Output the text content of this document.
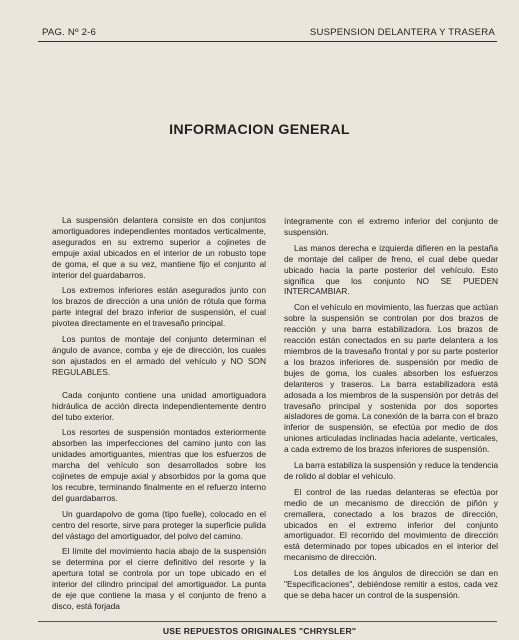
PAG. Nº 2-6	SUSPENSION DELANTERA Y TRASERA
INFORMACION GENERAL

La suspensión delantera consiste en dos conjuntos amortiguadores independientes montados verticalmente, asegurados en su extremo superior a cojinetes de empuje axial ubicados en el interior de un robusto tope de goma, el que a su vez, mantiene fijo el conjunto al interior del guardabarros.

Los extremos inferiores están asegurados junto con los brazos de dirección a una unión de rótula que forma parte integral del brazo inferior de suspensión, el cual pivotea directamente en el travesaño principal.

Los puntos de montaje del conjunto determinan el ángulo de avance, comba y eje de dirección, los cuales son ajustados en el armado del vehículo y NO SON REGULABLES.

Cada conjunto contiene una unidad amortiguadora hidráulica de acción directa independientemente dentro del tubo exterior.

Los resortes de suspensión montados exteriormente absorben las imperfecciones del camino junto con las unidades amortiguantes, mientras que los esfuerzos de marcha del vehículo son desarrollados sobre los cojinetes de empuje axial y absorbidos por la goma que los recubre, terminando finalmente en el refuerzo interno del guardabarros.

Un guardapolvo de goma (tipo fuelle), colocado en el centro del resorte, sirve para proteger la superficie pulida del vástago del amortiguador, del polvo del camino.

El límite del movimiento hacia abajo de la suspensión se determina por el cierre definitivo del resorte y la apertura total se controla por un tope ubicado en el interior del cilindro principal del amortiguador. La punta de eje que contiene la masa y el conjunto de freno a disco, está forjada

íntegramente con el extremo inferior del conjunto de suspensión.

Las manos derecha e izquierda difieren en la pestaña de montaje del caliper de freno, el cual debe quedar ubicado hacia la parte posterior del vehículo. Esto significa que los conjunto NO SE PUEDEN INTERCAMBIAR.

Con el vehículo en movimiento, las fuerzas que actúan sobre la suspensión se controlan por dos brazos de reacción y una barra estabilizadora. Los brazos de reacción están conectados en su parte delantera a los miembros de la travesaño frontal y por su parte posterior a los brazos inferiores de. suspensión por medio de bujes de goma, los cuales absorben los esfuerzos delanteros y traseros. La barra estabilizadora está adosada a los miembros de la suspensión por detrás del travesaño principal y sostenida por dos soportes aisladores de goma. La conexión de la barra con el brazo inferior de suspensión, se efectúa por medio de dos uniones articuladas inclinadas hacia adelante, verticales, a cada extremo de los brazos inferiores de suspensión.

La barra estabiliza la suspensión y reduce la tendencia de rolido al doblar el vehículo.

El control de las ruedas delanteras se efectúa por medio de un mecanismo de dirección de piñón y cremallera, conectado a los brazos de dirección, ubicados en el extremo inferior del conjunto amortiguador. El recorrido del movimiento de dirección está determinado por topes ubicados en el interior del mecanismo de dirección.

Los detalles de los ángulos de dirección se dan en "Especificaciones", debiéndose remitir a estos, cada vez que se deba hacer un control de la suspensión.

USE REPUESTOS ORIGINALES "CHRYSLER"
